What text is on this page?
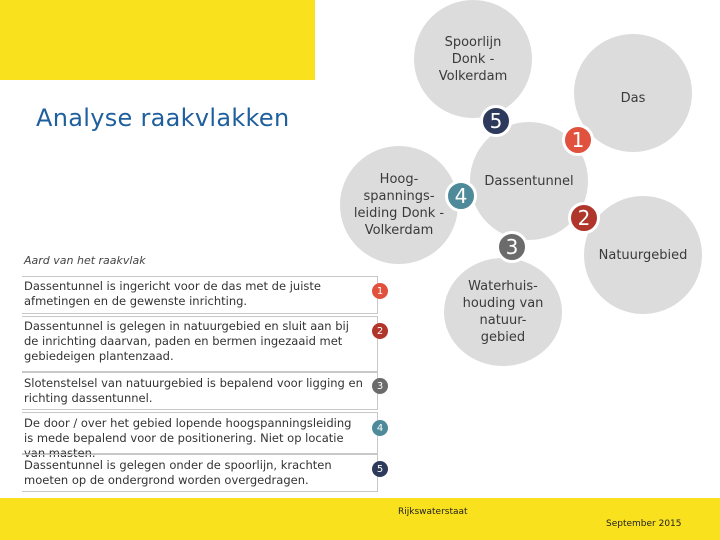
Analyse raakvlakken
Spoorlijn
Donk -
Volkerdam
Das
Dassentunnel
Hoog-
spannings-
leiding Donk -
Volkerdam
Natuurgebied
Waterhuis-
houding van
natuur-
gebied
1
2
3
4
5
Aard van het raakvlak
Dassentunnel is ingericht voor de das met de juiste afmetingen en de gewenste inrichting.
1
Dassentunnel is gelegen in natuurgebied en sluit aan bij de inrichting daarvan, paden en bermen ingezaaid met gebiedeigen plantenzaad.
2
Slotenstelsel van natuurgebied is bepalend voor ligging en richting dassentunnel.
3
De door / over het gebied lopende hoogspanningsleiding is mede bepalend voor de positionering. Niet op locatie van masten.
4
Dassentunnel is gelegen onder de spoorlijn, krachten moeten op de ondergrond worden overgedragen.
5
Rijkswaterstaat
September 2015
